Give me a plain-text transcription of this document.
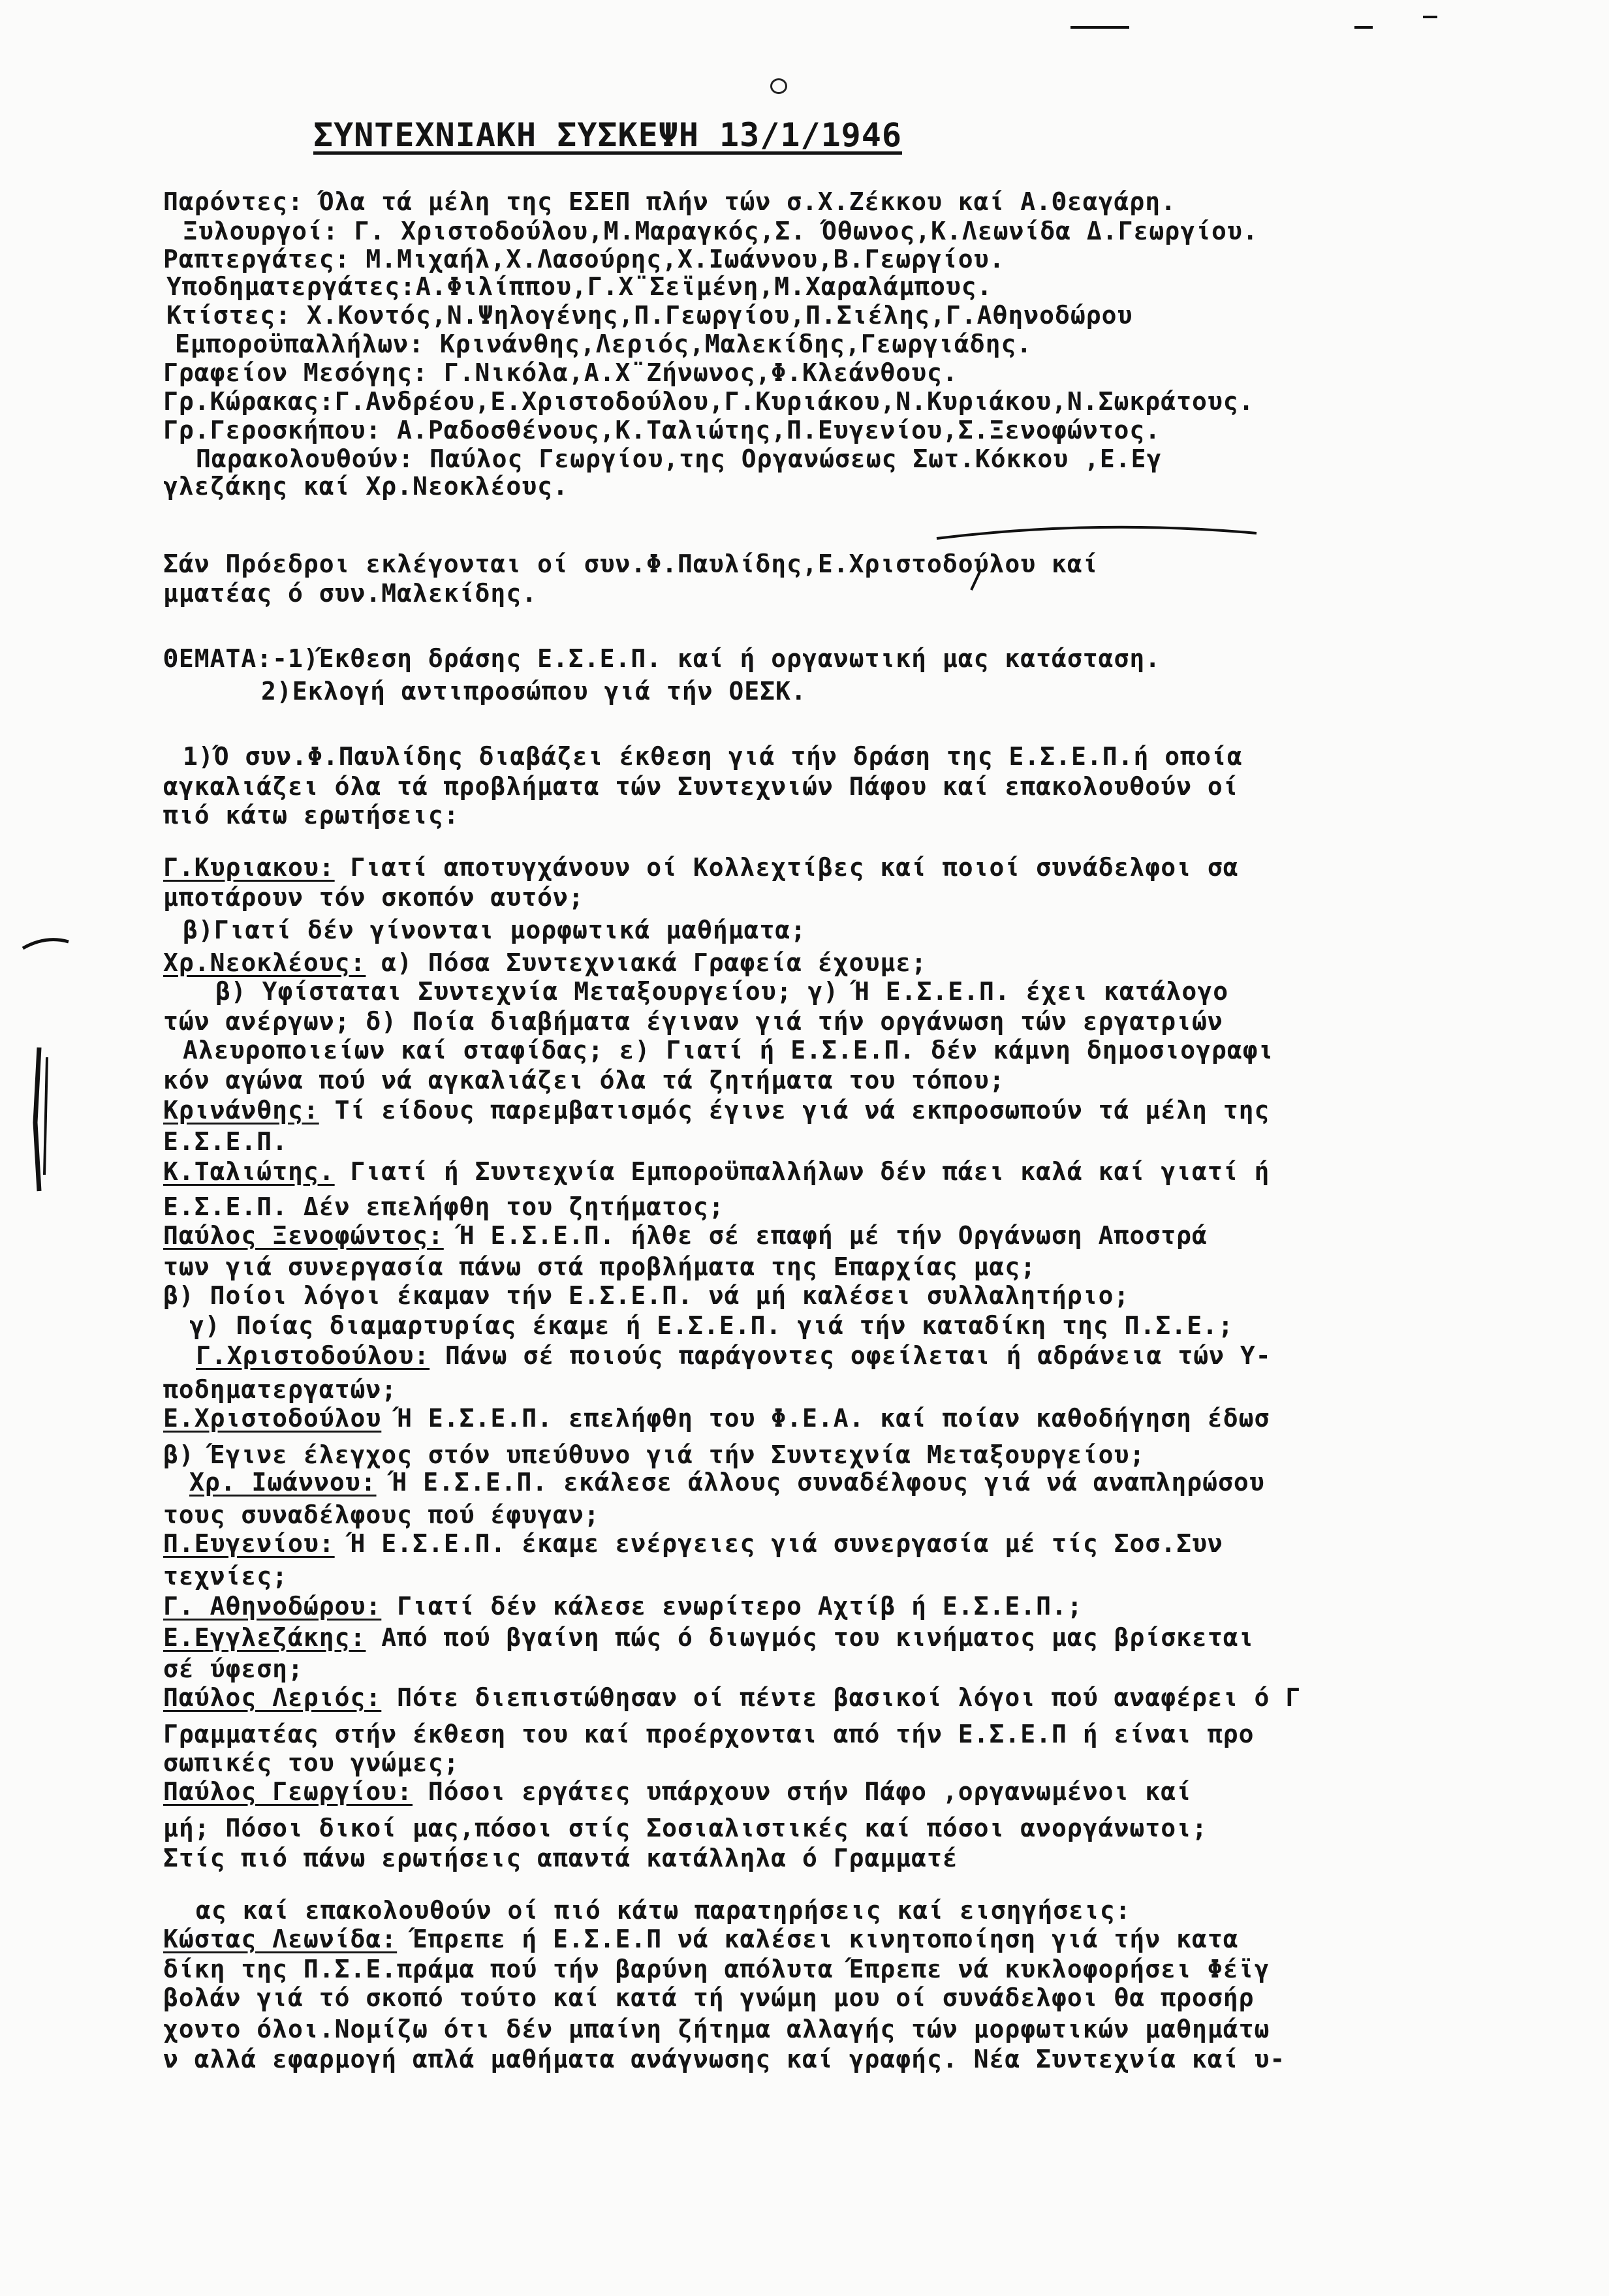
ΣΥΝΤΕΧΝΙΑΚΗ ΣΥΣΚΕΨΗ 13/1/1946
Παρόντες: Όλα τά μέλη της ΕΣΕΠ πλήν τών σ.Χ.Ζέκκου καί Α.Θεαγάρη.
Ξυλουργοί: Γ. Χριστοδούλου,Μ.Μαραγκός,Σ. Όθωνος,Κ.Λεωνίδα Δ.Γεωργίου.
Ραπτεργάτες: Μ.Μιχαήλ,Χ.Λασούρης,Χ.Ιωάννου,Β.Γεωργίου.
Υποδηματεργάτες:Α.Φιλίππου,Γ.Χ¨Σεϊμένη,Μ.Χαραλάμπους.
Κτίστες: Χ.Κοντός,Ν.Ψηλογένης,Π.Γεωργίου,Π.Σιέλης,Γ.Αθηνοδώρου
Εμποροϋπαλλήλων: Κρινάνθης,Λεριός,Μαλεκίδης,Γεωργιάδης.
Γραφείον Μεσόγης: Γ.Νικόλα,Α.Χ¨Ζήνωνος,Φ.Κλεάνθους.
Γρ.Κώρακας:Γ.Ανδρέου,Ε.Χριστοδούλου,Γ.Κυριάκου,Ν.Κυριάκου,Ν.Σωκράτους.
Γρ.Γεροσκήπου: Α.Ραδοσθένους,Κ.Ταλιώτης,Π.Ευγενίου,Σ.Ξενοφώντος.
Παρακολουθούν: Παύλος Γεωργίου,της Οργανώσεως Σωτ.Κόκκου ,Ε.Εγ
γλεζάκης καί Χρ.Νεοκλέους.
Σάν Πρόεδροι εκλέγονται οί συν.Φ.Παυλίδης,Ε.Χριστοδούλου καί
μματέας ό συν.Μαλεκίδης.
ΘΕΜΑΤΑ:-1)Έκθεση δράσης Ε.Σ.Ε.Π. καί ή οργανωτική μας κατάσταση.
2)Εκλογή αντιπροσώπου γιά τήν ΟΕΣΚ.
1)Ό συν.Φ.Παυλίδης διαβάζει έκθεση γιά τήν δράση της Ε.Σ.Ε.Π.ή οποία
αγκαλιάζει όλα τά προβλήματα τών Συντεχνιών Πάφου καί επακολουθούν οί
πιό κάτω ερωτήσεις:
Γ.Κυριακου: Γιατί αποτυγχάνουν οί Κολλεχτίβες καί ποιοί συνάδελφοι σα
μποτάρουν τόν σκοπόν αυτόν;
β)Γιατί δέν γίνονται μορφωτικά μαθήματα;
Χρ.Νεοκλέους: α) Πόσα Συντεχνιακά Γραφεία έχουμε;
β) Υφίσταται Συντεχνία Μεταξουργείου; γ) Ή Ε.Σ.Ε.Π. έχει κατάλογο
τών ανέργων; δ) Ποία διαβήματα έγιναν γιά τήν οργάνωση τών εργατριών
Αλευροποιείων καί σταφίδας; ε) Γιατί ή Ε.Σ.Ε.Π. δέν κάμνη δημοσιογραφι
κόν αγώνα πού νά αγκαλιάζει όλα τά ζητήματα του τόπου;
Κρινάνθης: Τί είδους παρεμβατισμός έγινε γιά νά εκπροσωπούν τά μέλη της
Ε.Σ.Ε.Π.
Κ.Ταλιώτης. Γιατί ή Συντεχνία Εμποροϋπαλλήλων δέν πάει καλά καί γιατί ή
Ε.Σ.Ε.Π. Δέν επελήφθη του ζητήματος;
Παύλος Ξενοφώντος: Ή Ε.Σ.Ε.Π. ήλθε σέ επαφή μέ τήν Οργάνωση Αποστρά
των γιά συνεργασία πάνω στά προβλήματα της Επαρχίας μας;
β) Ποίοι λόγοι έκαμαν τήν Ε.Σ.Ε.Π. νά μή καλέσει συλλαλητήριο;
γ) Ποίας διαμαρτυρίας έκαμε ή Ε.Σ.Ε.Π. γιά τήν καταδίκη της Π.Σ.Ε.;
Γ.Χριστοδούλου: Πάνω σέ ποιούς παράγοντες οφείλεται ή αδράνεια τών Υ-
ποδηματεργατών;
Ε.Χριστοδούλου Ή Ε.Σ.Ε.Π. επελήφθη του Φ.Ε.Α. καί ποίαν καθοδήγηση έδωσ
β) Έγινε έλεγχος στόν υπεύθυνο γιά τήν Συντεχνία Μεταξουργείου;
Χρ. Ιωάννου: Ή Ε.Σ.Ε.Π. εκάλεσε άλλους συναδέλφους γιά νά αναπληρώσου
τους συναδέλφους πού έφυγαν;
Π.Ευγενίου: Ή Ε.Σ.Ε.Π. έκαμε ενέργειες γιά συνεργασία μέ τίς Σοσ.Συν
τεχνίες;
Γ. Αθηνοδώρου: Γιατί δέν κάλεσε ενωρίτερο Αχτίβ ή Ε.Σ.Ε.Π.;
Ε.Εγγλεζάκης: Από πού βγαίνη πώς ό διωγμός του κινήματος μας βρίσκεται
σέ ύφεση;
Παύλος Λεριός: Πότε διεπιστώθησαν οί πέντε βασικοί λόγοι πού αναφέρει ό Γ
Γραμματέας στήν έκθεση του καί προέρχονται από τήν Ε.Σ.Ε.Π ή είναι προ
σωπικές του γνώμες;
Παύλος Γεωργίου: Πόσοι εργάτες υπάρχουν στήν Πάφο ,οργανωμένοι καί
μή; Πόσοι δικοί μας,πόσοι στίς Σοσιαλιστικές καί πόσοι ανοργάνωτοι;
Στίς πιό πάνω ερωτήσεις απαντά κατάλληλα ό Γραμματέ
ας καί επακολουθούν οί πιό κάτω παρατηρήσεις καί εισηγήσεις:
Κώστας Λεωνίδα: Έπρεπε ή Ε.Σ.Ε.Π νά καλέσει κινητοποίηση γιά τήν κατα
δίκη της Π.Σ.Ε.πράμα πού τήν βαρύνη απόλυτα Έπρεπε νά κυκλοφορήσει Φέϊγ
βολάν γιά τό σκοπό τούτο καί κατά τή γνώμη μου οί συνάδελφοι θα προσήρ
χοντο όλοι.Νομίζω ότι δέν μπαίνη ζήτημα αλλαγής τών μορφωτικών μαθημάτω
ν αλλά εφαρμογή απλά μαθήματα ανάγνωσης καί γραφής. Νέα Συντεχνία καί υ-
